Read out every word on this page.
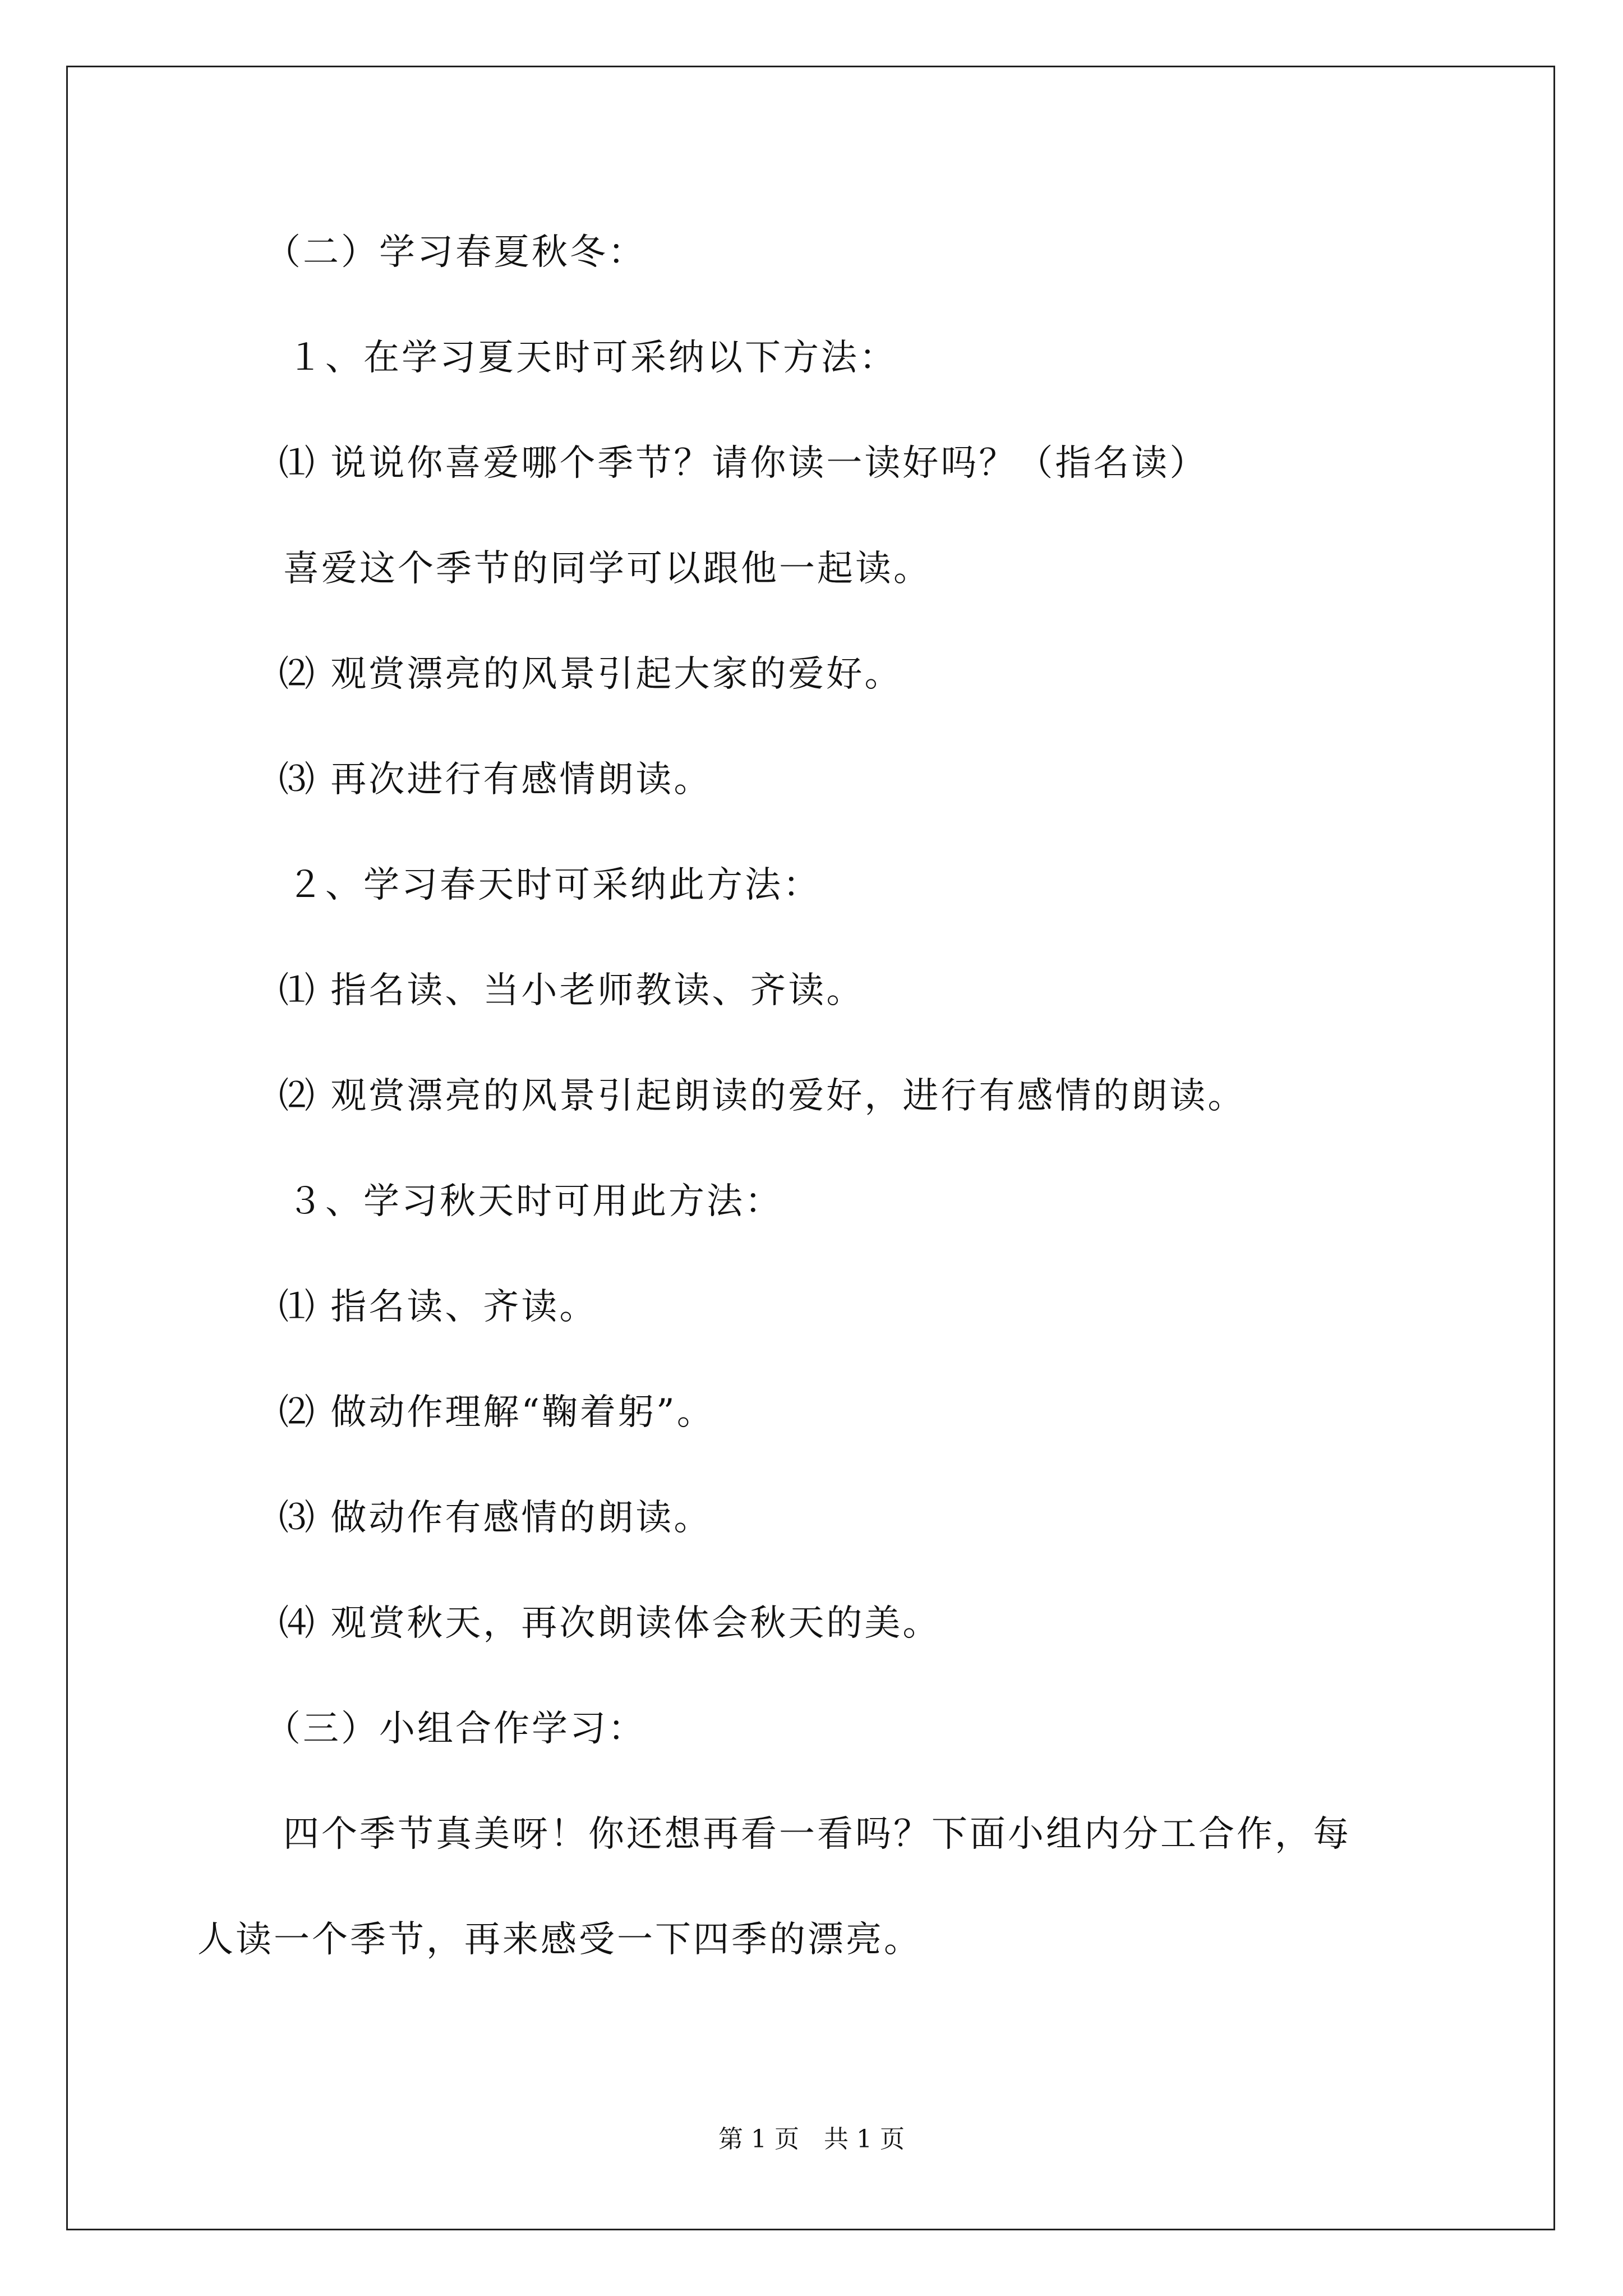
（二）学习春夏秋冬：
１、在学习夏天时可采纳以下方法：
⑴ 说说你喜爱哪个季节？请你读一读好吗？（指名读）
喜爱这个季节的同学可以跟他一起读。
⑵ 观赏漂亮的风景引起大家的爱好。
⑶ 再次进行有感情朗读。
２、学习春天时可采纳此方法：
⑴ 指名读、当小老师教读、齐读。
⑵ 观赏漂亮的风景引起朗读的爱好，进行有感情的朗读。
３、学习秋天时可用此方法：
⑴ 指名读、齐读。
⑵ 做动作理解“鞠着躬”。
⑶ 做动作有感情的朗读。
⑷ 观赏秋天，再次朗读体会秋天的美。
（三）小组合作学习：
四个季节真美呀！你还想再看一看吗？下面小组内分工合作，每
人读一个季节，再来感受一下四季的漂亮。
第 1 页　共 1 页
